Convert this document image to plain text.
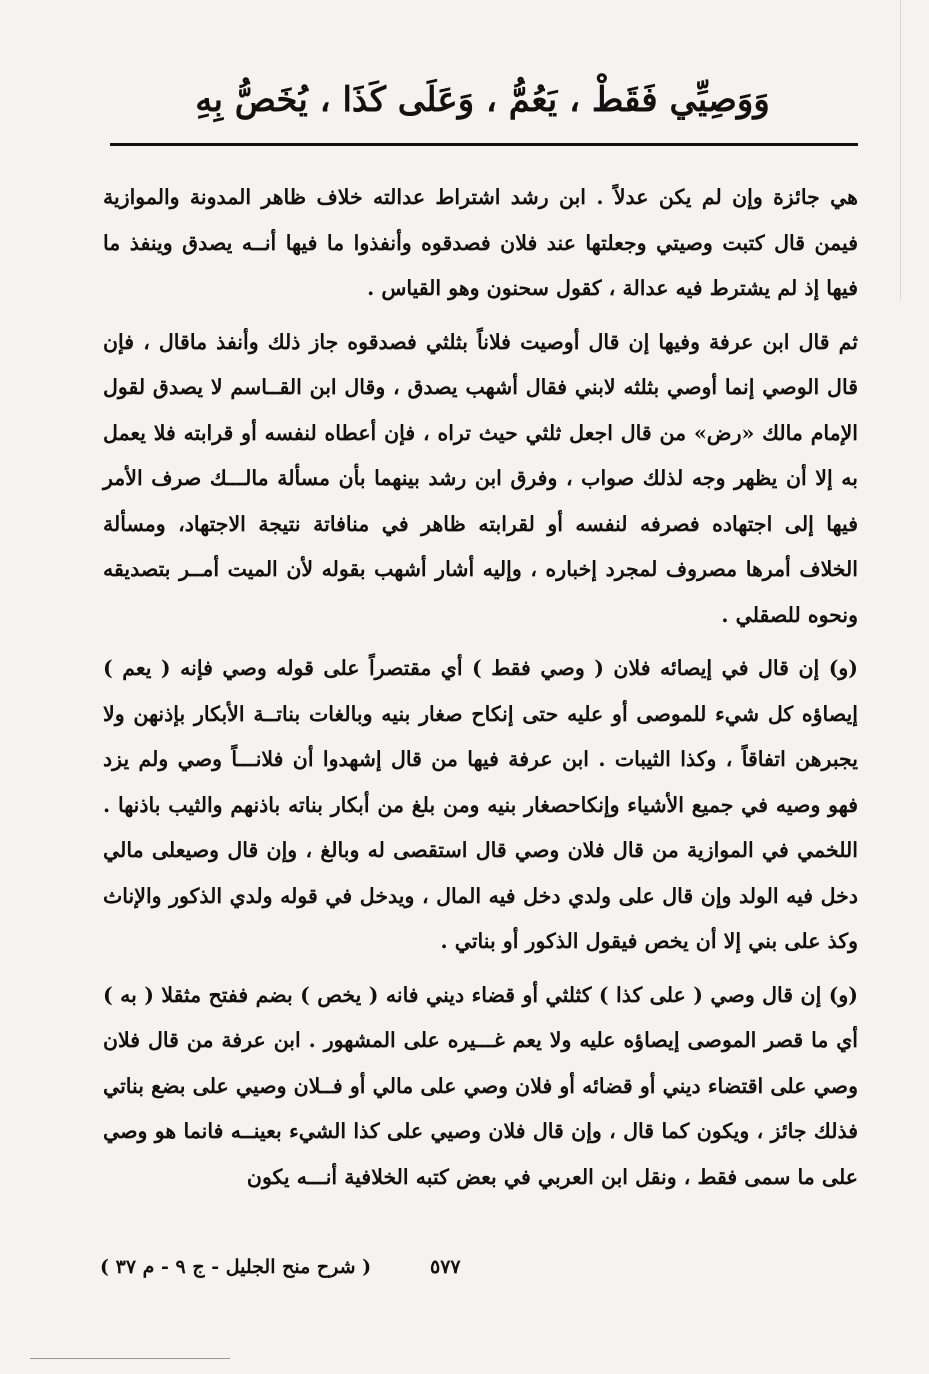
وَوَصِيِّي فَقَطْ ، يَعُمُّ ، وَعَلَى كَذَا ، يُخَصُّ بِهِ

هي جائزة وإن لم يكن عدلاً . ابن رشد اشتراط عدالته خلاف ظاهر المدونة والموازية فيمن قال كتبت وصيتي وجعلتها عند فلان فصدقوه وأنفذوا ما فيها أنــه يصدق وينفذ ما فيها إذ لم يشترط فيه عدالة ، كقول سحنون وهو القياس .

ثم قال ابن عرفة وفيها إن قال أوصيت فلاناً بثلثي فصدقوه جاز ذلك وأنفذ ماقال ، فإن قال الوصي إنما أوصي بثلثه لابني فقال أشهب يصدق ، وقال ابن القــاسم لا يصدق لقول الإمام مالك «رض» من قال اجعل ثلثي حيث تراه ، فإن أعطاه لنفسه أو قرابته فلا يعمل به إلا أن يظهر وجه لذلك صواب ، وفرق ابن رشد بينهما بأن مسألة مالـــك صرف الأمر فيها إلى اجتهاده فصرفه لنفسه أو لقرابته ظاهر في منافاتة نتيجة الاجتهاد، ومسألة الخلاف أمرها مصروف لمجرد إخباره ، وإليه أشار أشهب بقوله لأن الميت أمــر بتصديقه ونحوه للصقلي .

(و) إن قال في إيصائه فلان ( وصي فقط ) أي مقتصراً على قوله وصي فإنه ( يعم ) إيصاؤه كل شيء للموصى أو عليه حتى إنكاح صغار بنيه وبالغات بناتــة الأبكار بإذنهن ولا يجبرهن اتفاقاً ، وكذا الثيبات . ابن عرفة فيها من قال إشهدوا أن فلانـــاً وصي ولم يزد فهو وصيه في جميع الأشياء وإنكاحصغار بنيه ومن بلغ من أبكار بناته باذنهم والثيب باذنها . اللخمي في الموازية من قال فلان وصي قال استقصى له وبالغ ، وإن قال وصيعلى مالي دخل فيه الولد وإن قال على ولدي دخل فيه المال ، ويدخل في قوله ولدي الذكور والإناث وكذ على بني إلا أن يخص فيقول الذكور أو بناتي .

(و) إن قال وصي ( على كذا ) كثلثي أو قضاء ديني فانه ( يخص ) بضم ففتح مثقلا ( به ) أي ما قصر الموصى إيصاؤه عليه ولا يعم غـــيره على المشهور . ابن عرفة من قال فلان وصي على اقتضاء ديني أو قضائه أو فلان وصي على مالي أو فــلان وصيي على بضع بناتي فذلك جائز ، ويكون كما قال ، وإن قال فلان وصيي على كذا الشيء بعينــه فانما هو وصي على ما سمى فقط ، ونقل ابن العربي في بعض كتبه الخلافية أنـــه يكون

٥٧٧
( شرح منح الجليل - ج ٩ - م ٣٧ )
